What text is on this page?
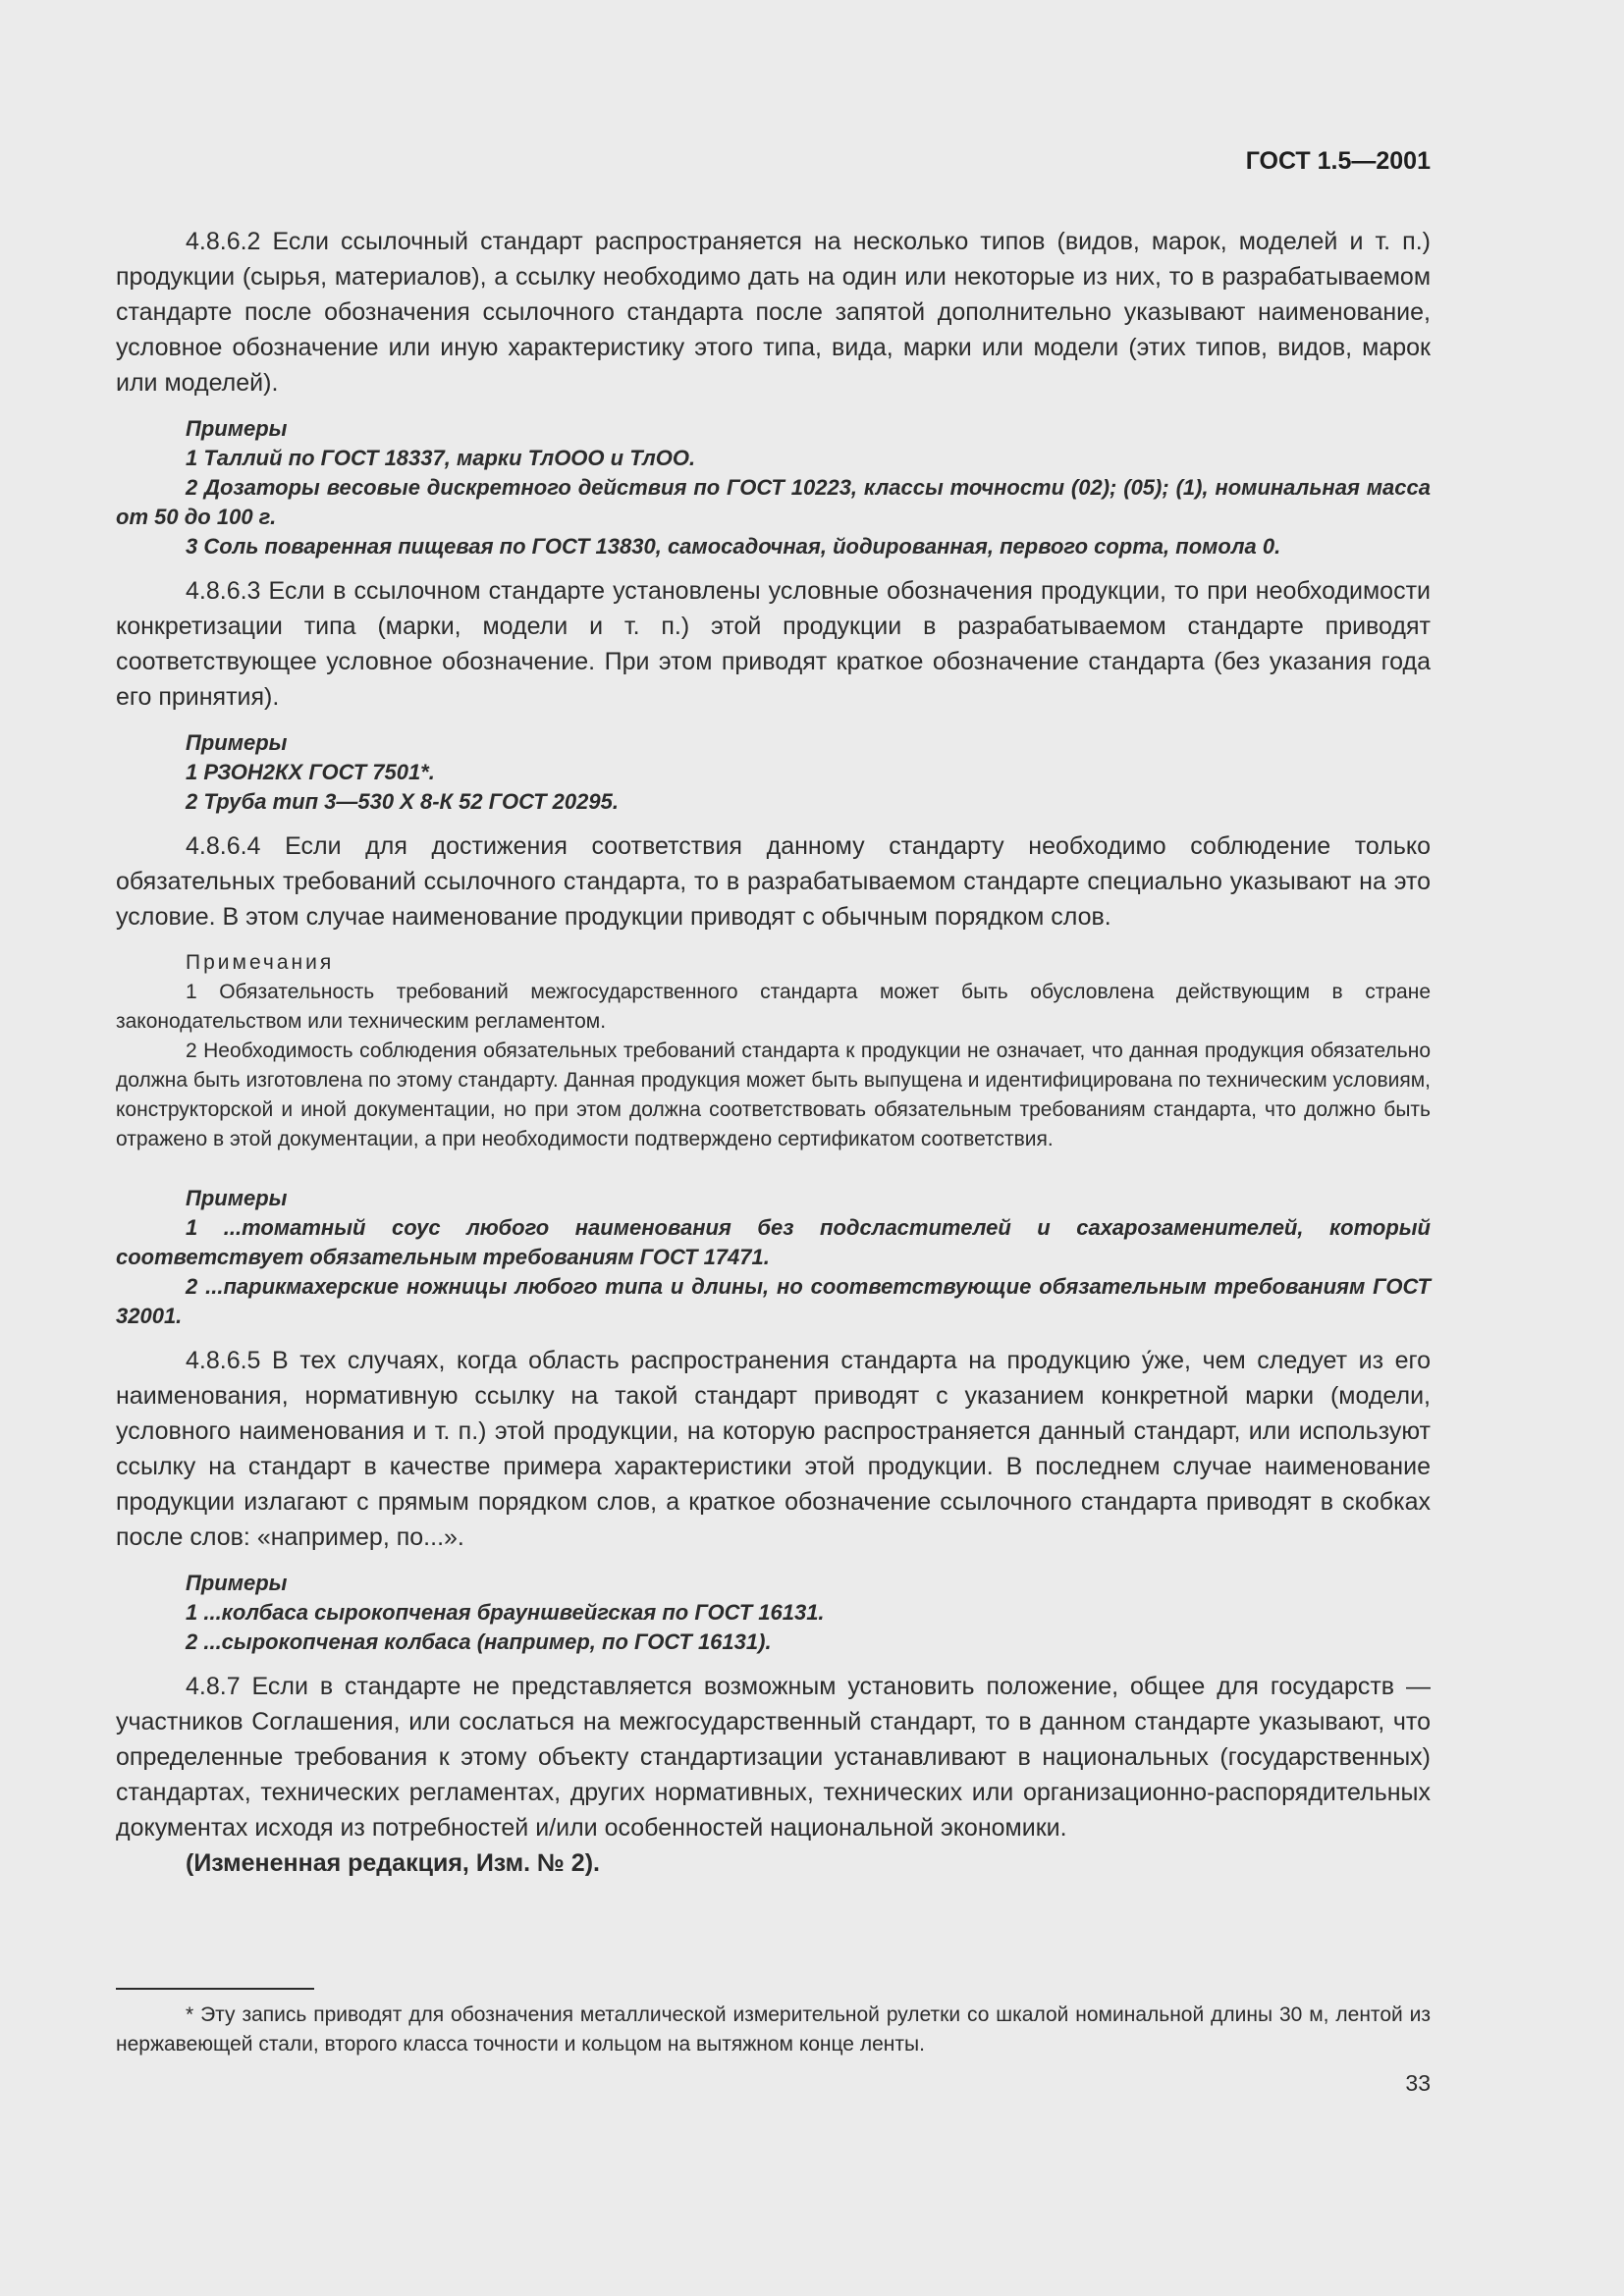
ГОСТ 1.5—2001

4.8.6.2 Если ссылочный стандарт распространяется на несколько типов (видов, марок, моделей и т. п.) продукции (сырья, материалов), а ссылку необходимо дать на один или некоторые из них, то в разрабатываемом стандарте после обозначения ссылочного стандарта после запятой дополнительно указывают наименование, условное обозначение или иную характеристику этого типа, вида, марки или модели (этих типов, видов, марок или моделей).

Примеры

1 Таллий по ГОСТ 18337, марки ТлОOO и ТлОО.

2 Дозаторы весовые дискретного действия по ГОСТ 10223, классы точности (02); (05); (1), номинальная масса от 50 до 100 г.

3 Соль поваренная пищевая по ГОСТ 13830, самосадочная, йодированная, первого сорта, помола 0.

4.8.6.3 Если в ссылочном стандарте установлены условные обозначения продукции, то при необходимости конкретизации типа (марки, модели и т. п.) этой продукции в разрабатываемом стандарте приводят соответствующее условное обозначение. При этом приводят краткое обозначение стандарта (без указания года его принятия).

Примеры

1 РЗОН2КХ ГОСТ 7501*.

2 Труба тип 3—530 X 8-К 52 ГОСТ 20295.

4.8.6.4 Если для достижения соответствия данному стандарту необходимо соблюдение только обязательных требований ссылочного стандарта, то в разрабатываемом стандарте специально указывают на это условие. В этом случае наименование продукции приводят с обычным порядком слов.

Примечания

1 Обязательность требований межгосударственного стандарта может быть обусловлена действующим в стране законодательством или техническим регламентом.

2 Необходимость соблюдения обязательных требований стандарта к продукции не означает, что данная продукция обязательно должна быть изготовлена по этому стандарту. Данная продукция может быть выпущена и идентифицирована по техническим условиям, конструкторской и иной документации, но при этом должна соответствовать обязательным требованиям стандарта, что должно быть отражено в этой документации, а при необходимости подтверждено сертификатом соответствия.

Примеры

1 ...томатный соус любого наименования без подсластителей и сахарозаменителей, который соответствует обязательным требованиям ГОСТ 17471.

2 ...парикмахерские ножницы любого типа и длины, но соответствующие обязательным требованиям ГОСТ 32001.

4.8.6.5 В тех случаях, когда область распространения стандарта на продукцию у́же, чем следует из его наименования, нормативную ссылку на такой стандарт приводят с указанием конкретной марки (модели, условного наименования и т. п.) этой продукции, на которую распространяется данный стандарт, или используют ссылку на стандарт в качестве примера характеристики этой продукции. В последнем случае наименование продукции излагают с прямым порядком слов, а краткое обозначение ссылочного стандарта приводят в скобках после слов: «например, по...».

Примеры

1 ...колбаса сырокопченая брауншвейгская по ГОСТ 16131.

2 ...сырокопченая колбаса (например, по ГОСТ 16131).

4.8.7 Если в стандарте не представляется возможным установить положение, общее для государств — участников Соглашения, или сослаться на межгосударственный стандарт, то в данном стандарте указывают, что определенные требования к этому объекту стандартизации устанавливают в национальных (государственных) стандартах, технических регламентах, других нормативных, технических или организационно-распорядительных документах исходя из потребностей и/или особенностей национальной экономики.

(Измененная редакция, Изм. № 2).

* Эту запись приводят для обозначения металлической измерительной рулетки со шкалой номинальной длины 30 м, лентой из нержавеющей стали, второго класса точности и кольцом на вытяжном конце ленты.

33
